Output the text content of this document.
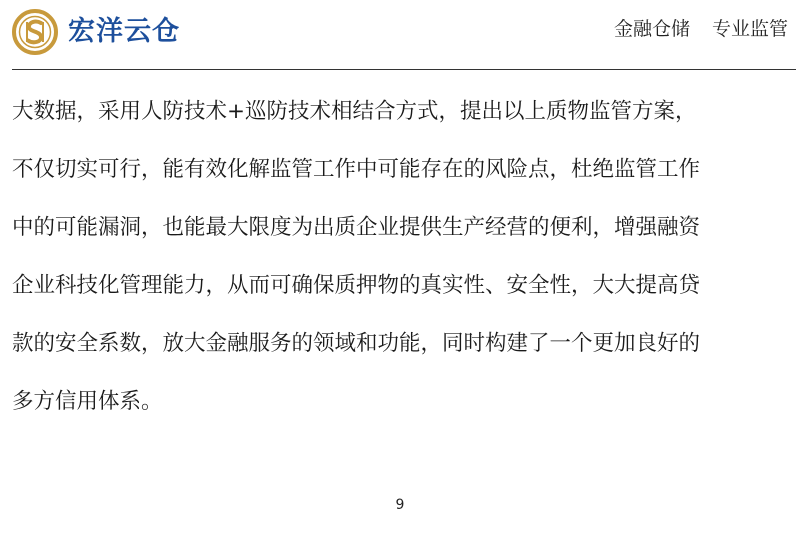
宏洋云仓	金融仓储 专业监管
大数据，采用人防技术+巡防技术相结合方式，提出以上质物监管方案，
不仅切实可行，能有效化解监管工作中可能存在的风险点，杜绝监管工作
中的可能漏洞，也能最大限度为出质企业提供生产经营的便利，增强融资
企业科技化管理能力，从而可确保质押物的真实性、安全性，大大提高贷
款的安全系数，放大金融服务的领域和功能，同时构建了一个更加良好的
多方信用体系。
9
